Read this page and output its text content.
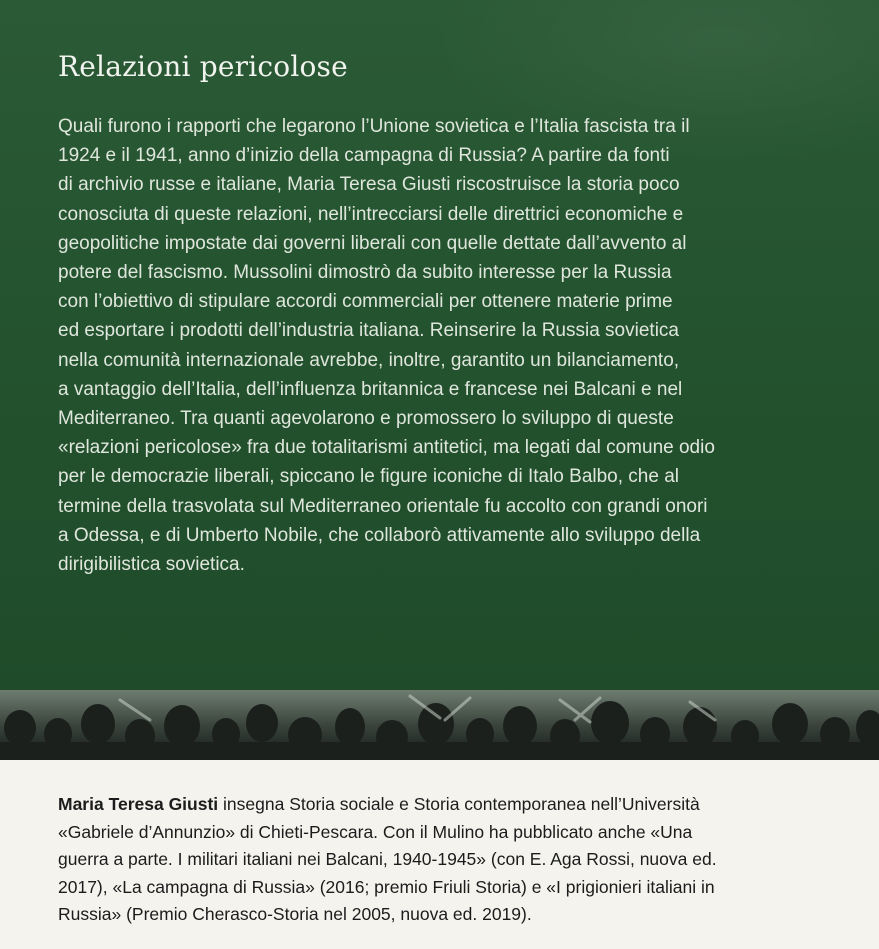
Relazioni pericolose

Quali furono i rapporti che legarono l’Unione sovietica e l’Italia fascista tra il
1924 e il 1941, anno d’inizio della campagna di Russia? A partire da fonti
di archivio russe e italiane, Maria Teresa Giusti riscostruisce la storia poco
conosciuta di queste relazioni, nell’intrecciarsi delle direttrici economiche e
geopolitiche impostate dai governi liberali con quelle dettate dall’avvento al
potere del fascismo. Mussolini dimostrò da subito interesse per la Russia
con l’obiettivo di stipulare accordi commerciali per ottenere materie prime
ed esportare i prodotti dell’industria italiana. Reinserire la Russia sovietica
nella comunità internazionale avrebbe, inoltre, garantito un bilanciamento,
a vantaggio dell’Italia, dell’influenza britannica e francese nei Balcani e nel
Mediterraneo. Tra quanti agevolarono e promossero lo sviluppo di queste
«relazioni pericolose» fra due totalitarismi antitetici, ma legati dal comune odio
per le democrazie liberali, spiccano le figure iconiche di Italo Balbo, che al
termine della trasvolata sul Mediterraneo orientale fu accolto con grandi onori
a Odessa, e di Umberto Nobile, che collaborò attivamente allo sviluppo della
dirigibilistica sovietica.

Maria Teresa Giusti insegna Storia sociale e Storia contemporanea nell’Università
«Gabriele d’Annunzio» di Chieti-Pescara. Con il Mulino ha pubblicato anche «Una
guerra a parte. I militari italiani nei Balcani, 1940-1945» (con E. Aga Rossi, nuova ed.
2017), «La campagna di Russia» (2016; premio Friuli Storia) e «I prigionieri italiani in
Russia» (Premio Cherasco-Storia nel 2005, nuova ed. 2019).
